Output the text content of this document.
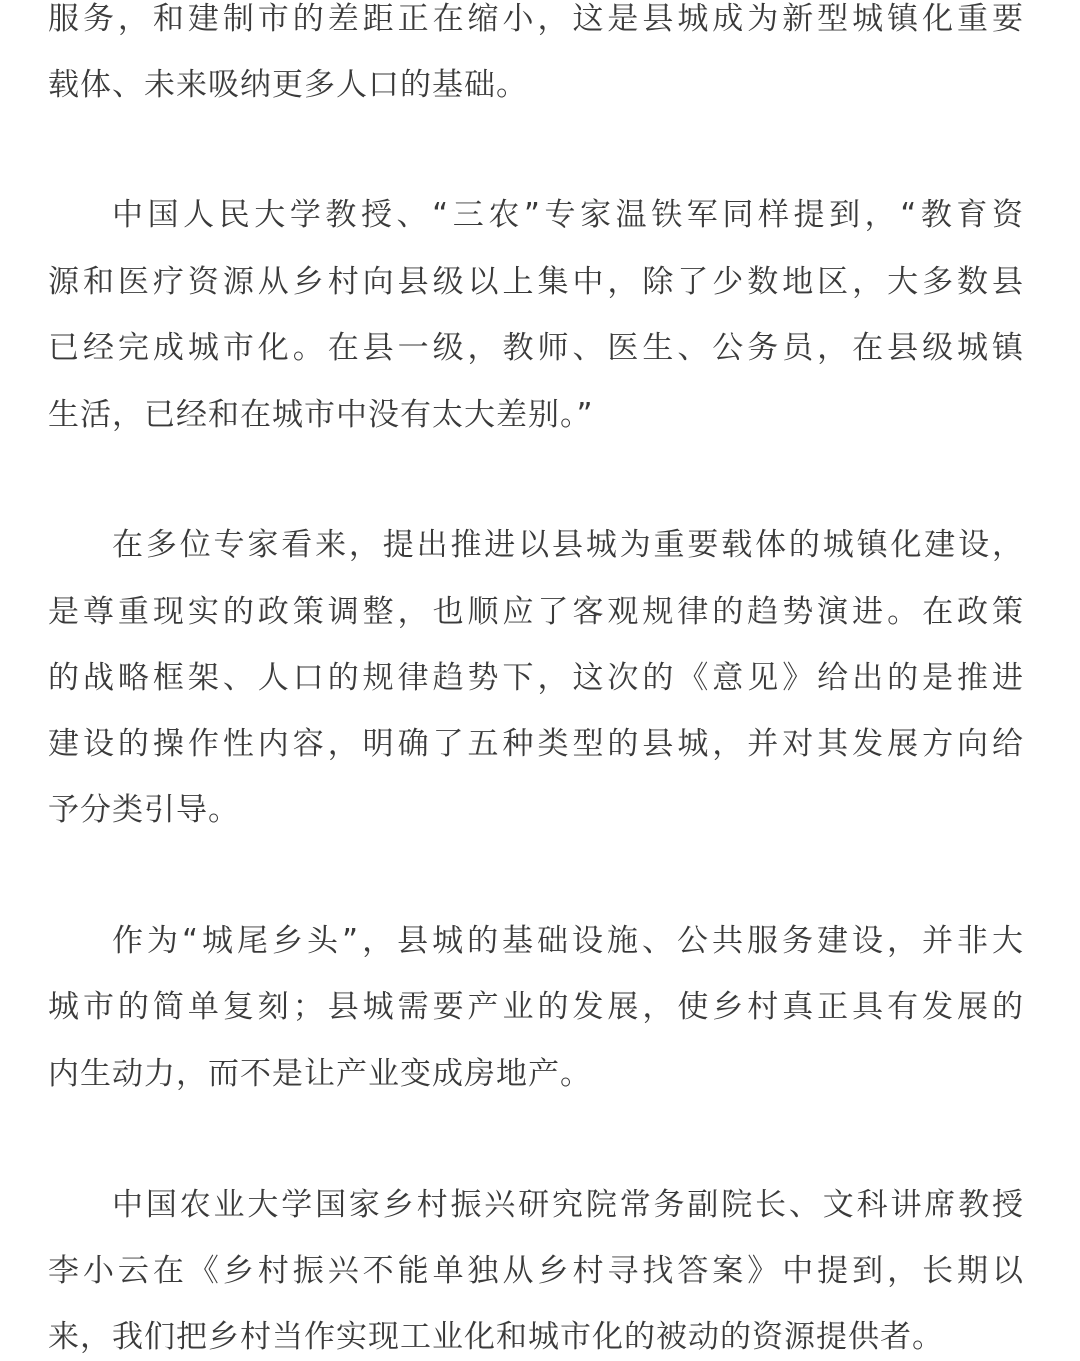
服务，和建制市的差距正在缩小，这是县城成为新型城镇化重要
载体、未来吸纳更多人口的基础。
中国人民大学教授、“三农”专家温铁军同样提到，“教育资
源和医疗资源从乡村向县级以上集中，除了少数地区，大多数县
已经完成城市化。在县一级，教师、医生、公务员，在县级城镇
生活，已经和在城市中没有太大差别。”
在多位专家看来，提出推进以县城为重要载体的城镇化建设，
是尊重现实的政策调整，也顺应了客观规律的趋势演进。在政策
的战略框架、人口的规律趋势下，这次的《意见》给出的是推进
建设的操作性内容，明确了五种类型的县城，并对其发展方向给
予分类引导。
作为“城尾乡头”，县城的基础设施、公共服务建设，并非大
城市的简单复刻；县城需要产业的发展，使乡村真正具有发展的
内生动力，而不是让产业变成房地产。
中国农业大学国家乡村振兴研究院常务副院长、文科讲席教授
李小云在《乡村振兴不能单独从乡村寻找答案》中提到，长期以
来，我们把乡村当作实现工业化和城市化的被动的资源提供者。
